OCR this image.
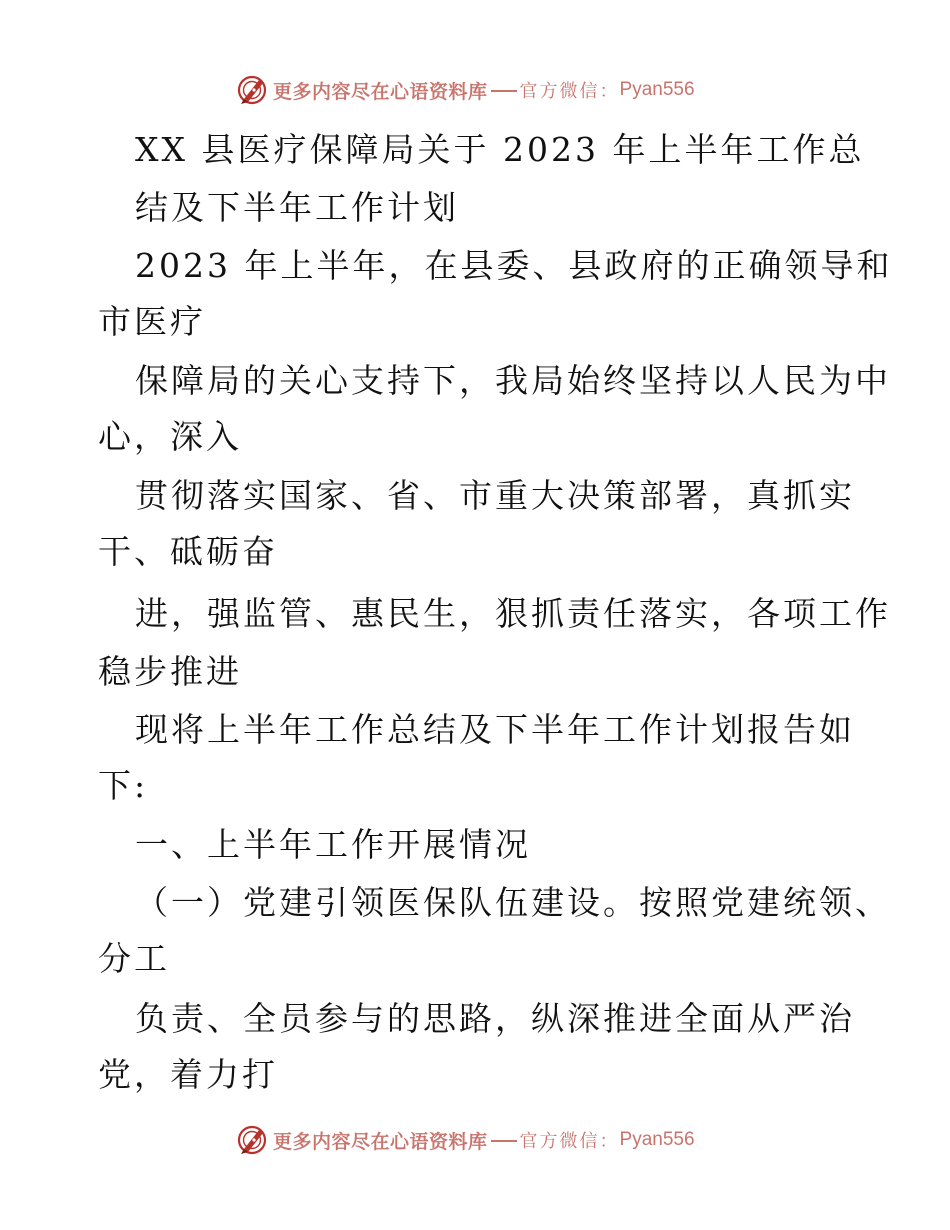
更多内容尽在心语资料库 官方微信： Pyan556
XX 县医疗保障局关于 2023 年上半年工作总
结及下半年工作计划
2023 年上半年，在县委、县政府的正确领导和
市医疗
保障局的关心支持下，我局始终坚持以人民为中
心，深入
贯彻落实国家、省、市重大决策部署，真抓实
干、砥砺奋
进，强监管、惠民生，狠抓责任落实，各项工作
稳步推进
现将上半年工作总结及下半年工作计划报告如
下:
一、上半年工作开展情况
（一）党建引领医保队伍建设。按照党建统领、
分工
负责、全员参与的思路，纵深推进全面从严治
党，着力打
更多内容尽在心语资料库 官方微信： Pyan556
